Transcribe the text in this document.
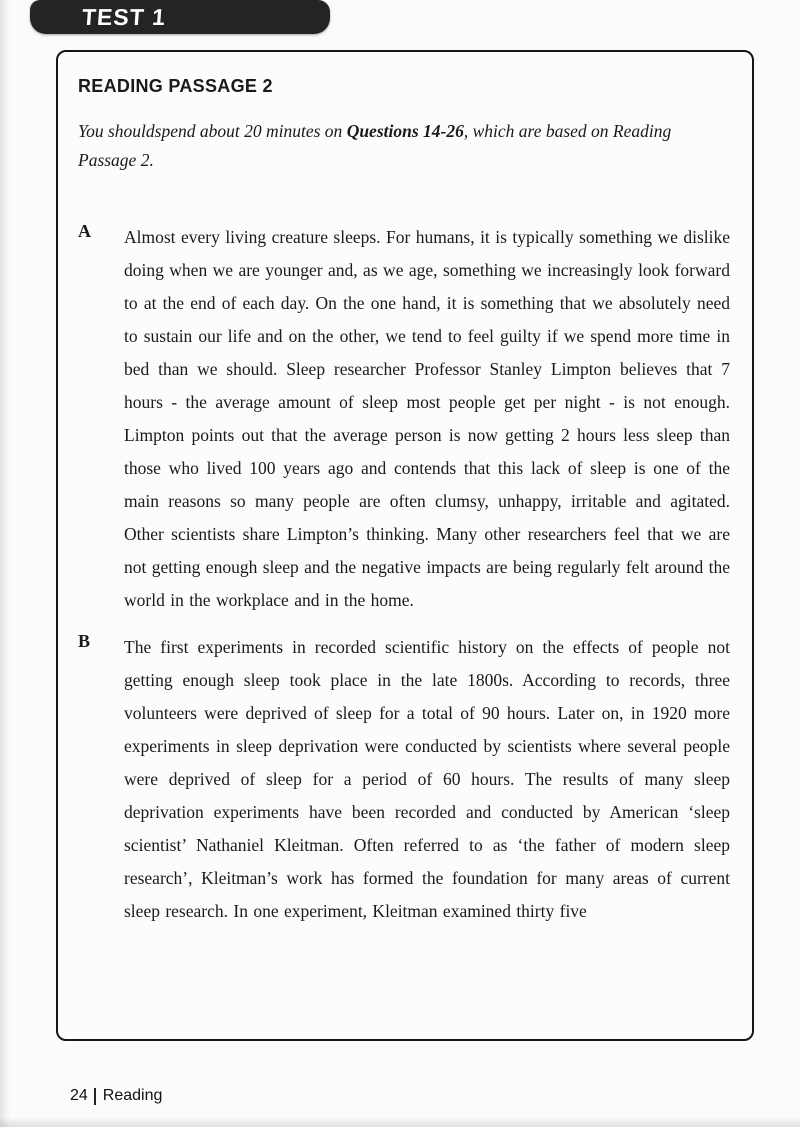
TEST 1
READING PASSAGE 2

You shouldspend about 20 minutes on Questions 14-26, which are based on Reading Passage 2.

A	Almost every living creature sleeps. For humans, it is typically something we dislike doing when we are younger and, as we age, something we increasingly look forward to at the end of each day. On the one hand, it is something that we absolutely need to sustain our life and on the other, we tend to feel guilty if we spend more time in bed than we should. Sleep researcher Professor Stanley Limpton believes that 7 hours - the average amount of sleep most people get per night - is not enough. Limpton points out that the average person is now getting 2 hours less sleep than those who lived 100 years ago and contends that this lack of sleep is one of the main reasons so many people are often clumsy, unhappy, irritable and agitated. Other scientists share Limpton’s thinking. Many other researchers feel that we are not getting enough sleep and the negative impacts are being regularly felt around the world in the workplace and in the home.
B	The first experiments in recorded scientific history on the effects of people not getting enough sleep took place in the late 1800s. According to records, three volunteers were deprived of sleep for a total of 90 hours. Later on, in 1920 more experiments in sleep deprivation were conducted by scientists where several people were deprived of sleep for a period of 60 hours. The results of many sleep deprivation experiments have been recorded and conducted by American ‘sleep scientist’ Nathaniel Kleitman. Often referred to as ‘the father of modern sleep research’, Kleitman’s work has formed the foundation for many areas of current sleep research. In one experiment, Kleitman examined thirty five
24 Reading
